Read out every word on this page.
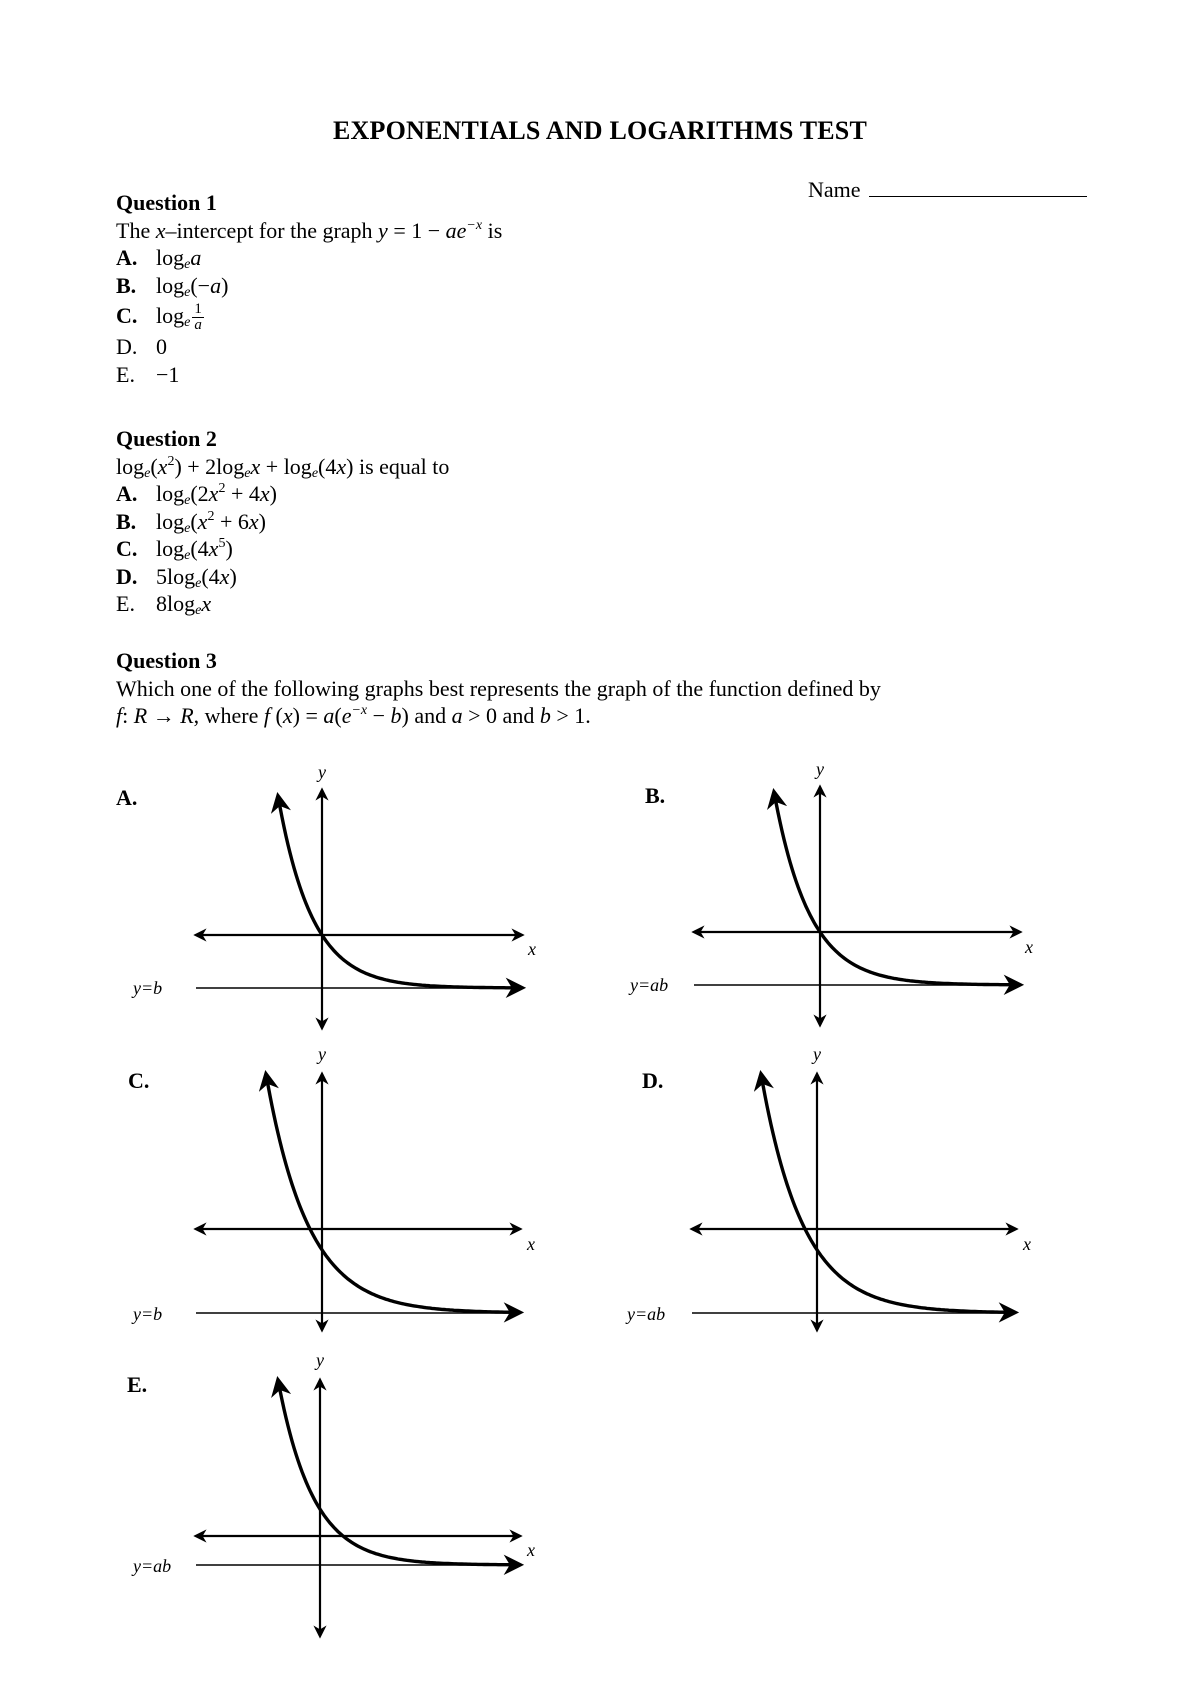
EXPONENTIALS AND LOGARITHMS TEST
Name
Question 1
The x–intercept for the graph $y = 1 - ae^{-x}$ is
A. $\log_ea$
B. $\log_e(-a)$
C. $\log_e \frac{1}{a}$
D. 0
E. −1
Question 2
$\log_e(x^2) + 2\log_ex + \log_e(4x)$ is equal to
A. $\log_e(2x^2 + 4x)$
B. $\log_e(x^2 + 6x)$
C. $\log_e(4x^5)$
D. $5\log_e(4x)$
E. $8\log_ex$
Question 3
Which one of the following graphs best represents the graph of the function defined by
f: R → R, where f $(x) = a(e^{-x} - b)$ and a > 0 and b > 1.
A.	B.
C.	D.
E.
x
y
y=b
x
y
y=ab
x
y
y=b
x
y
y=ab
x
y
y=ab
